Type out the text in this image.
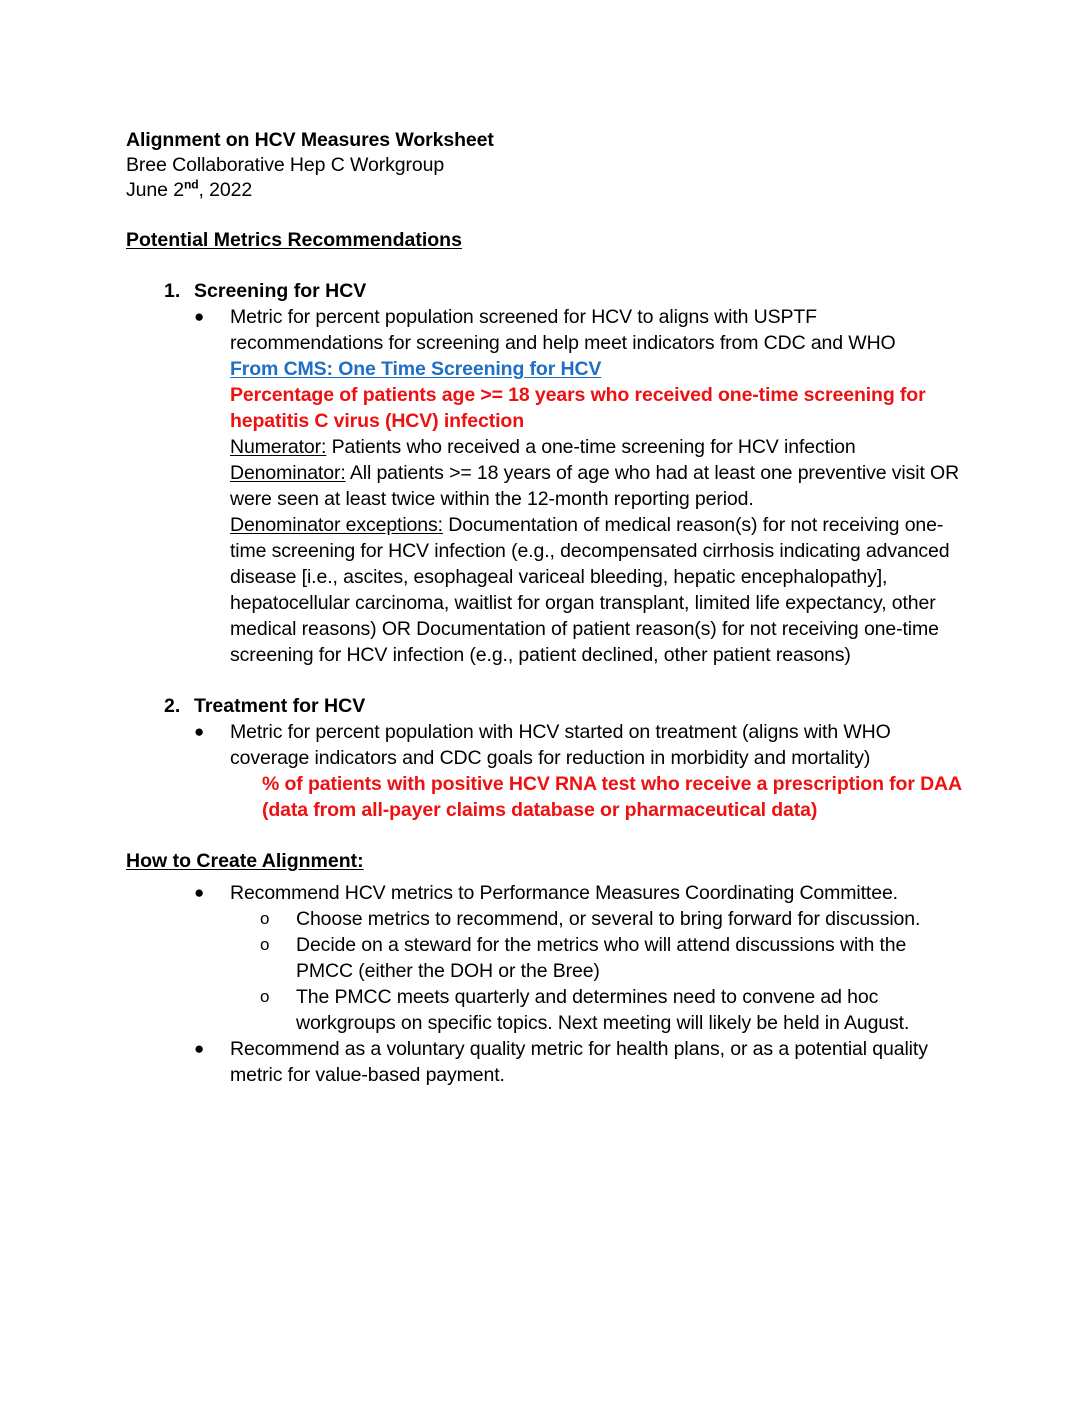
Alignment on HCV Measures Worksheet
Bree Collaborative Hep C Workgroup
June 2nd, 2022
Potential Metrics Recommendations
1. Screening for HCV
● Metric for percent population screened for HCV to aligns with USPTF recommendations for screening and help meet indicators from CDC and WHO
From CMS: One Time Screening for HCV
Percentage of patients age >= 18 years who received one-time screening for hepatitis C virus (HCV) infection
Numerator: Patients who received a one-time screening for HCV infection
Denominator: All patients >= 18 years of age who had at least one preventive visit OR were seen at least twice within the 12-month reporting period.
Denominator exceptions: Documentation of medical reason(s) for not receiving one-time screening for HCV infection (e.g., decompensated cirrhosis indicating advanced disease [i.e., ascites, esophageal variceal bleeding, hepatic encephalopathy], hepatocellular carcinoma, waitlist for organ transplant, limited life expectancy, other medical reasons) OR Documentation of patient reason(s) for not receiving one-time screening for HCV infection (e.g., patient declined, other patient reasons)
2. Treatment for HCV
● Metric for percent population with HCV started on treatment (aligns with WHO coverage indicators and CDC goals for reduction in morbidity and mortality)
% of patients with positive HCV RNA test who receive a prescription for DAA (data from all-payer claims database or pharmaceutical data)
How to Create Alignment:
● Recommend HCV metrics to Performance Measures Coordinating Committee.
o Choose metrics to recommend, or several to bring forward for discussion.
o Decide on a steward for the metrics who will attend discussions with the PMCC (either the DOH or the Bree)
o The PMCC meets quarterly and determines need to convene ad hoc workgroups on specific topics. Next meeting will likely be held in August.
● Recommend as a voluntary quality metric for health plans, or as a potential quality metric for value-based payment.
